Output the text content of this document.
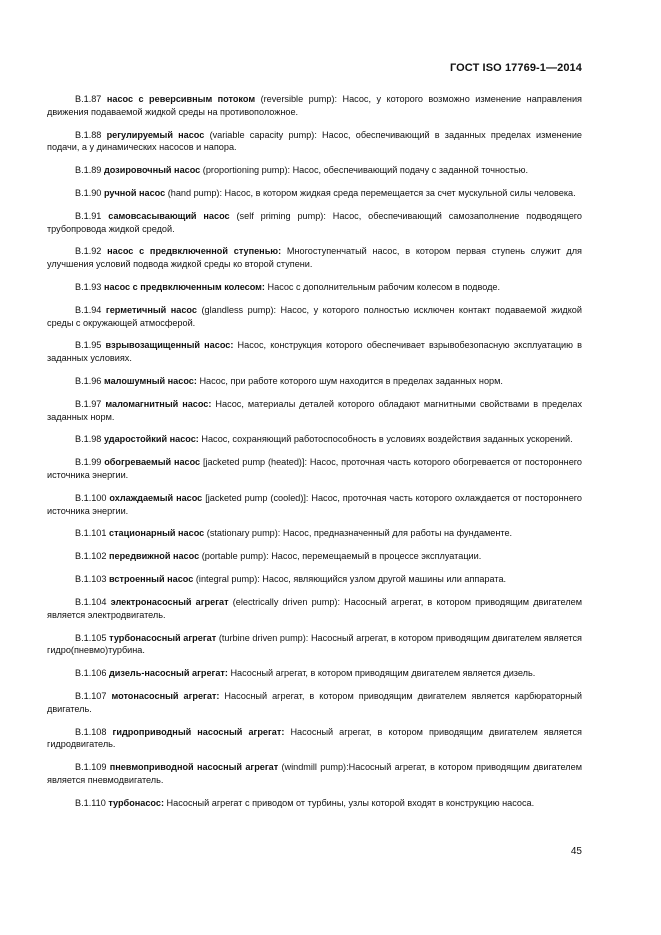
ГОСТ ISO 17769-1—2014

В.1.87 насос с реверсивным потоком (reversible pump): Насос, у которого возможно изменение направления движения подаваемой жидкой среды на противоположное.

В.1.88 регулируемый насос (variable capacity pump): Насос, обеспечивающий в заданных пределах изменение подачи, а у динамических насосов и напора.

В.1.89 дозировочный насос (proportioning pump): Насос, обеспечивающий подачу с заданной точностью.

В.1.90 ручной насос (hand pump): Насос, в котором жидкая среда перемещается за счет мускульной силы человека.

В.1.91 самовсасывающий насос (self priming pump): Насос, обеспечивающий самозаполнение подводящего трубопровода жидкой средой.

В.1.92 насос с предвключенной ступенью: Многоступенчатый насос, в котором первая ступень служит для улучшения условий подвода жидкой среды ко второй ступени.

В.1.93 насос с предвключенным колесом: Насос с дополнительным рабочим колесом в подводе.

В.1.94 герметичный насос (glandless pump): Насос, у которого полностью исключен контакт подаваемой жидкой среды с окружающей атмосферой.

В.1.95 взрывозащищенный насос: Насос, конструкция которого обеспечивает взрывобезопасную эксплуатацию в заданных условиях.

В.1.96 малошумный насос: Насос, при работе которого шум находится в пределах заданных норм.

В.1.97 маломагнитный насос: Насос, материалы деталей которого обладают магнитными свойствами в пределах заданных норм.

В.1.98 ударостойкий насос: Насос, сохраняющий работоспособность в условиях воздействия заданных ускорений.

В.1.99 обогреваемый насос [jacketed pump (heated)]: Насос, проточная часть которого обогревается от постороннего источника энергии.

В.1.100 охлаждаемый насос [jacketed pump (cooled)]: Насос, проточная часть которого охлаждается от постороннего источника энергии.

В.1.101 стационарный насос (stationary pump): Насос, предназначенный для работы на фундаменте.

В.1.102 передвижной насос (portable pump): Насос, перемещаемый в процессе эксплуатации.

В.1.103 встроенный насос (integral pump): Насос, являющийся узлом другой машины или аппарата.

В.1.104 электронасосный агрегат (electrically driven pump): Насосный агрегат, в котором приводящим двигателем является электродвигатель.

В.1.105 турбонасосный агрегат (turbine driven pump): Насосный агрегат, в котором приводящим двигателем является гидро(пневмо)турбина.

В.1.106 дизель-насосный агрегат: Насосный агрегат, в котором приводящим двигателем является дизель.

В.1.107 мотонасосный агрегат: Насосный агрегат, в котором приводящим двигателем является карбюраторный двигатель.

В.1.108 гидроприводный насосный агрегат: Насосный агрегат, в котором приводящим двигателем является гидродвигатель.

В.1.109 пневмоприводной насосный агрегат (windmill pump):Насосный агрегат, в котором приводящим двигателем является пневмодвигатель.

В.1.110 турбонасос: Насосный агрегат с приводом от турбины, узлы которой входят в конструкцию насоса.

45
